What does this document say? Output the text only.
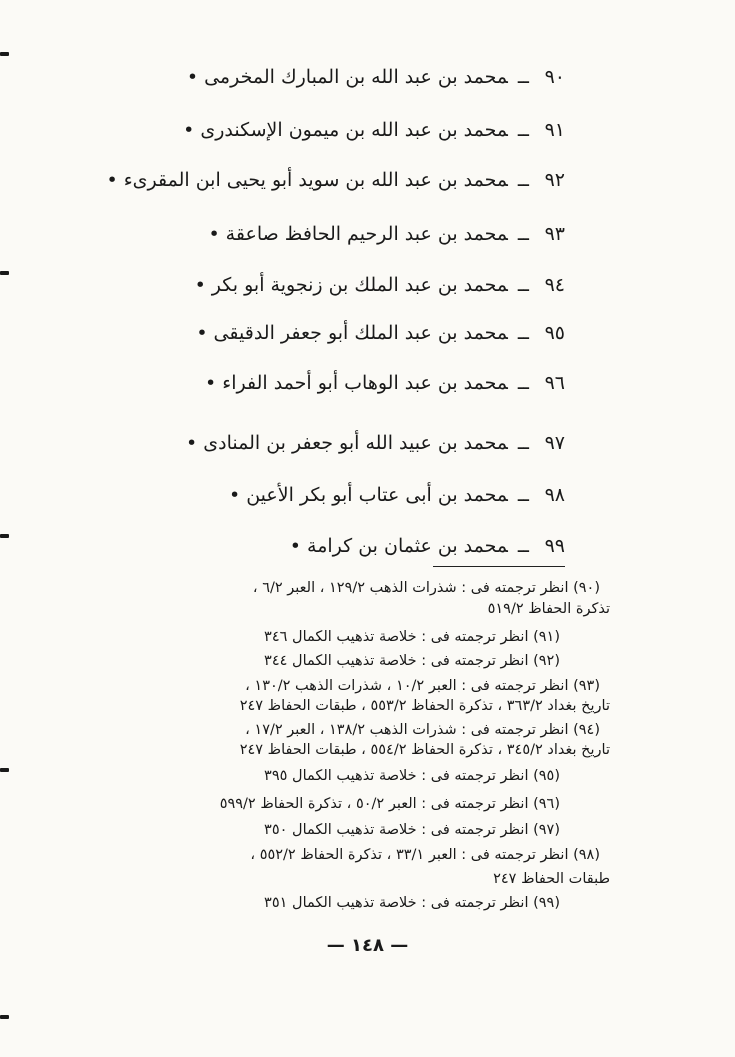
٩٠ــمحمد بن عبد الله بن المبارك المخرمى •
٩١ــمحمد بن عبد الله بن ميمون الإسكندرى •
٩٢ــمحمد بن عبد الله بن سويد أبو يحيى ابن المقرىء •
٩٣ــمحمد بن عبد الرحيم الحافظ صاعقة •
٩٤ــمحمد بن عبد الملك بن زنجوية أبو بكر •
٩٥ــمحمد بن عبد الملك أبو جعفر الدقيقى •
٩٦ــمحمد بن عبد الوهاب أبو أحمد الفراء •
٩٧ــمحمد بن عبيد الله أبو جعفر بن المنادى •
٩٨ــمحمد بن أبى عتاب أبو بكر الأعين •
٩٩ــمحمد بن عثمان بن كرامة •
(٩٠) انظر ترجمته فى : شذرات الذهب ١٢٩/٢ ، العبر ٦/٢ ،
تذكرة الحفاظ ٥١٩/٢
(٩١) انظر ترجمته فى : خلاصة تذهيب الكمال ٣٤٦
(٩٢) انظر ترجمته فى : خلاصة تذهيب الكمال ٣٤٤
(٩٣) انظر ترجمته فى : العبر ١٠/٢ ، شذرات الذهب ١٣٠/٢ ،
تاريخ بغداد ٣٦٣/٢ ، تذكرة الحفاظ ٥٥٣/٢ ، طبقات الحفاظ ٢٤٧
(٩٤) انظر ترجمته فى : شذرات الذهب ١٣٨/٢ ، العبر ١٧/٢ ،
تاريخ بغداد ٣٤٥/٢ ، تذكرة الحفاظ ٥٥٤/٢ ، طبقات الحفاظ ٢٤٧
(٩٥) انظر ترجمته فى : خلاصة تذهيب الكمال ٣٩٥
(٩٦) انظر ترجمته فى : العبر ٥٠/٢ ، تذكرة الحفاظ ٥٩٩/٢
(٩٧) انظر ترجمته فى : خلاصة تذهيب الكمال ٣٥٠
(٩٨) انظر ترجمته فى : العبر ٣٣/١ ، تذكرة الحفاظ ٥٥٢/٢ ،
طبقات الحفاظ ٢٤٧
(٩٩) انظر ترجمته فى : خلاصة تذهيب الكمال ٣٥١
— ١٤٨ —
